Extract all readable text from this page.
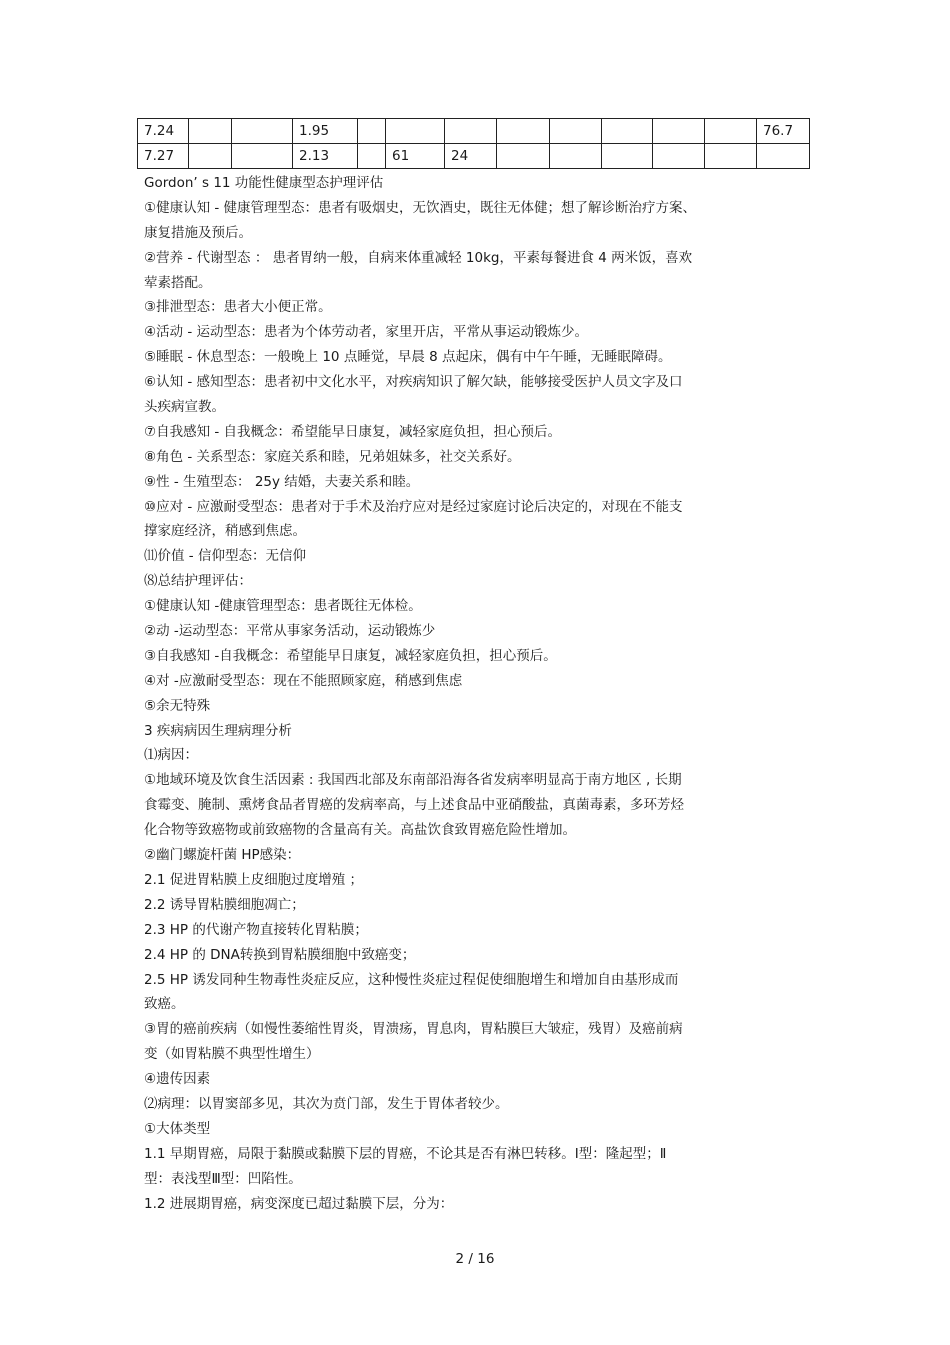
7.24			1.95									76.7
7.27			2.13		61	24						
Gordon’ s 11 功能性健康型态护理评估
①健康认知 - 健康管理型态：患者有吸烟史，无饮酒史，既往无体健；想了解诊断治疗方案、
康复措施及预后。
②营养 - 代谢型态 ： 患者胃纳一般，自病来体重减轻 10kg，平素每餐进食 4 两米饭，喜欢
荤素搭配。
③排泄型态：患者大小便正常。
④活动 - 运动型态：患者为个体劳动者，家里开店，平常从事运动锻炼少。
⑤睡眠 - 休息型态：一般晚上 10 点睡觉，早晨 8 点起床，偶有中午午睡，无睡眠障碍。
⑥认知 - 感知型态：患者初中文化水平，对疾病知识了解欠缺，能够接受医护人员文字及口
头疾病宣教。
⑦自我感知 - 自我概念：希望能早日康复，减轻家庭负担，担心预后。
⑧角色 - 关系型态：家庭关系和睦，兄弟姐妹多，社交关系好。
⑨性 - 生殖型态： 25y 结婚，夫妻关系和睦。
⑩应对 - 应激耐受型态：患者对于手术及治疗应对是经过家庭讨论后决定的，对现在不能支
撑家庭经济，稍感到焦虑。
⑾价值 - 信仰型态：无信仰
⑻总结护理评估：
①健康认知 -健康管理型态：患者既往无体检。
②动 -运动型态：平常从事家务活动，运动锻炼少
③自我感知 -自我概念：希望能早日康复，减轻家庭负担，担心预后。
④对 -应激耐受型态：现在不能照顾家庭，稍感到焦虑
⑤余无特殊
3 疾病病因生理病理分析
⑴病因：
①地域环境及饮食生活因素 : 我国西北部及东南部沿海各省发病率明显高于南方地区 , 长期
食霉变、腌制、熏烤食品者胃癌的发病率高，与上述食品中亚硝酸盐，真菌毒素，多环芳烃
化合物等致癌物或前致癌物的含量高有关。高盐饮食致胃癌危险性增加。
②幽门螺旋杆菌 HP感染：
2.1 促进胃粘膜上皮细胞过度增殖 ；
2.2 诱导胃粘膜细胞凋亡；
2.3 HP 的代谢产物直接转化胃粘膜；
2.4 HP 的 DNA转换到胃粘膜细胞中致癌变；
2.5 HP 诱发同种生物毒性炎症反应，这种慢性炎症过程促使细胞增生和增加自由基形成而
致癌。
③胃的癌前疾病（如慢性萎缩性胃炎，胃溃疡，胃息肉，胃粘膜巨大皱症，残胃）及癌前病
变（如胃粘膜不典型性增生）
④遗传因素
⑵病理：以胃窦部多见，其次为贲门部，发生于胃体者较少。
①大体类型
1.1 早期胃癌，局限于黏膜或黏膜下层的胃癌，不论其是否有淋巴转移。Ⅰ型：隆起型；Ⅱ
型：表浅型Ⅲ型：凹陷性。
1.2 进展期胃癌，病变深度已超过黏膜下层，分为：
2 / 16
